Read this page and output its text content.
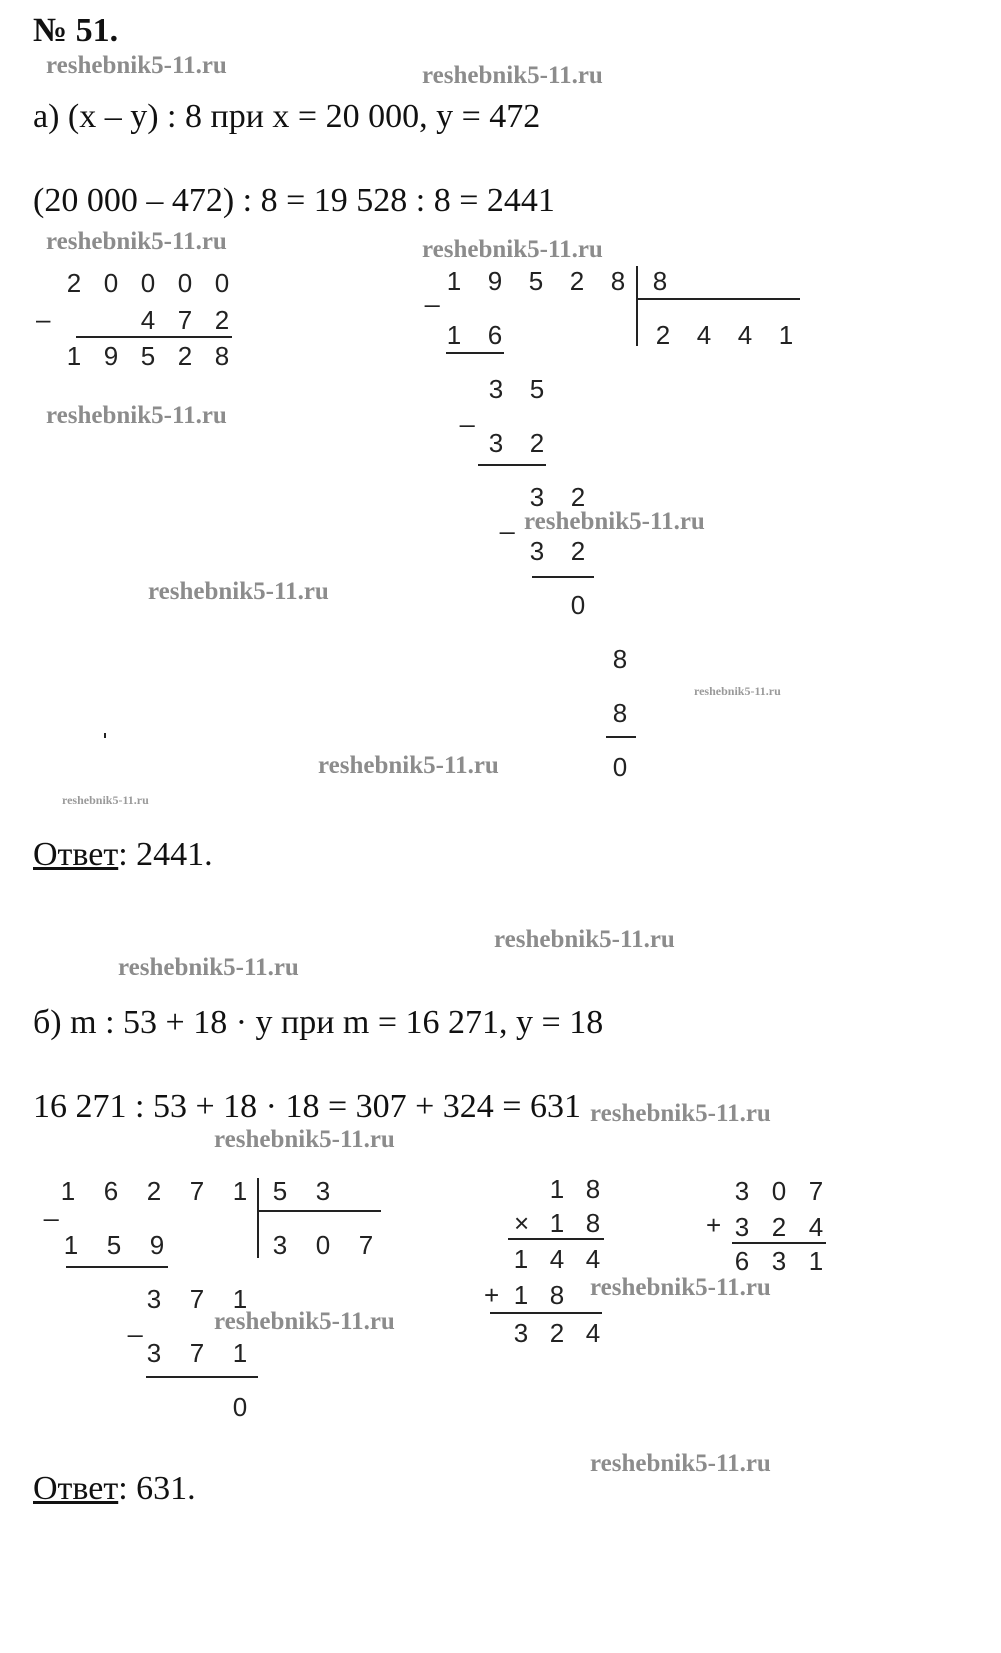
№ 51.
reshebnik5-11.ru	reshebnik5-11.ru
reshebnik5-11.ru	reshebnik5-11.ru
reshebnik5-11.ru
reshebnik5-11.ru
reshebnik5-11.ru
reshebnik5-11.ru
reshebnik5-11.ru
reshebnik5-11.ru
reshebnik5-11.ru
reshebnik5-11.ru
reshebnik5-11.ru
reshebnik5-11.ru
reshebnik5-11.ru
reshebnik5-11.ru
reshebnik5-11.ru
а) (x – y) : 8 при x = 20 000, y = 472
(20 000 – 472) : 8 = 19 528 : 8 = 2441
2 0 0 0 0
4 7 2
1 9 5 2 8
–
1 9 5 2 8 8
2 4 4 1
1 6
3 5
3 2
3 2
3 2
0
8
8
0
_
_
_
Ответ: 2441.
б) m : 53 + 18 · y при m = 16 271, y = 18
16 271 : 53 + 18 · 18 = 307 + 324 = 631
1 6 2 7 1 5 3
3 0 7
1 5 9
3 7 1
3 7 1
0
_
_
1 8
1 8
1 4 4
1 8
3 2 4
×
+
3 0 7
3 2 4
6 3 1
+
Ответ: 631.
